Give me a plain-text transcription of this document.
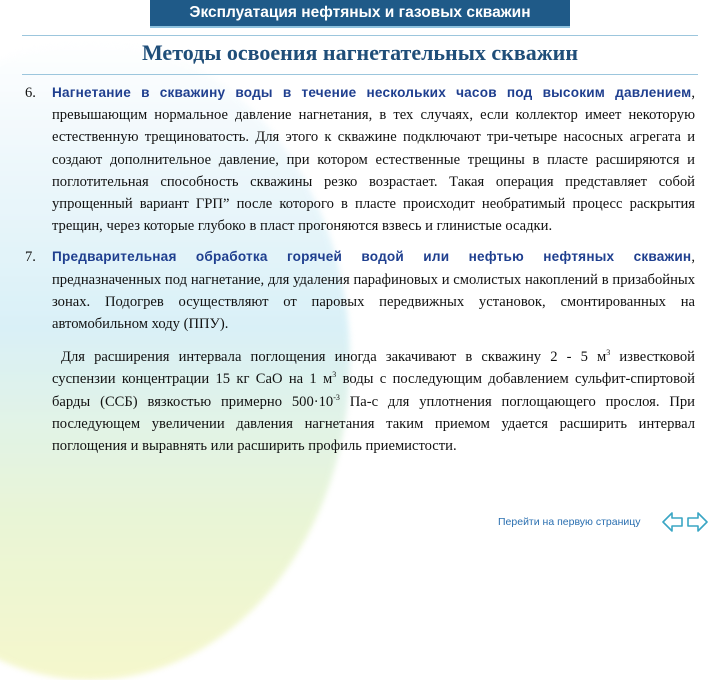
Эксплуатация нефтяных и газовых скважин
Методы освоения нагнетательных скважин

6. Нагнетание в скважину воды в течение нескольких часов под высоким давлением, превышающим нормальное давление нагнетания, в тех случаях, если коллектор имеет некоторую естественную трещиноватость. Для этого к скважине подключают три-четыре насосных агрегата и создают дополнительное давление, при котором естественные трещины в пласте расширяются и поглотительная способность скважины резко возрастает. Такая операция представляет собой упрощенный вариант ГРП” после которого в пласте происходит необратимый процесс раскрытия трещин, через которые глубоко в пласт прогоняются взвесь и глинистые осадки.

7. Предварительная обработка горячей водой или нефтью нефтяных скважин, предназначенных под нагнетание, для удаления парафиновых и смолистых накоплений в призабойных зонах. Подогрев осуществляют от паровых передвижных установок, смонтированных на автомобильном ходу (ППУ).

Для расширения интервала поглощения иногда закачивают в скважину 2 - 5 $м^3$ известковой суспензии концентрации 15 кг CaO на 1 $м^3$ воды с последующим добавлением сульфит-спиртовой барды (ССБ) вязкостью примерно $500\cdot 10^{-3}$ Па-с для уплотнения поглощающего прослоя. При последующем увеличении давления нагнетания таким приемом удается расширить интервал поглощения и выравнять или расширить профиль приемистости.

Перейти на первую страницу
